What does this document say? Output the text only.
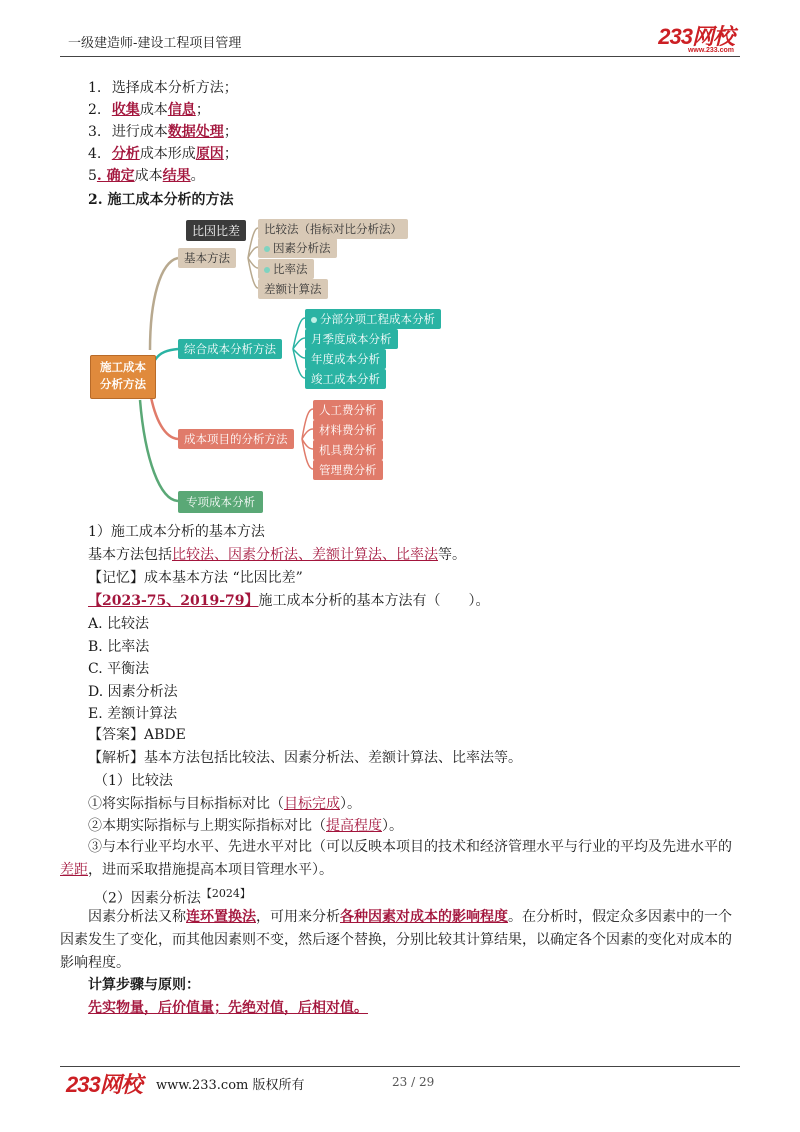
一级建造师-建设工程项目管理	233网校
www.233.com
1. 选择成本分析方法；
2. 收集成本信息；
3. 进行成本数据处理；
4. 分析成本形成原因；
5. 确定成本结果。
2. 施工成本分析的方法
施工成本
分析方法
比因比差
基本方法
比较法（指标对比分析法）
因素分析法
比率法
差额计算法
综合成本分析方法
分部分项工程成本分析
月季度成本分析
年度成本分析
竣工成本分析
成本项目的分析方法
人工费分析
材料费分析
机具费分析
管理费分析
专项成本分析
1）施工成本分析的基本方法
基本方法包括比较法、因素分析法、差额计算法、比率法等。
【记忆】成本基本方法 “比因比差”
【2023-75、2019-79】施工成本分析的基本方法有（　　）。
A. 比较法
B. 比率法
C. 平衡法
D. 因素分析法
E. 差额计算法
【答案】ABDE
【解析】基本方法包括比较法、因素分析法、差额计算法、比率法等。
（1）比较法
①将实际指标与目标指标对比（目标完成）。
②本期实际指标与上期实际指标对比（提高程度）。
③与本行业平均水平、先进水平对比（可以反映本项目的技术和经济管理水平与行业的平均及先进水平的差距，进而采取措施提高本项目管理水平）。
（2）因素分析法$^{【2024】}$
因素分析法又称连环置换法，可用来分析各种因素对成本的影响程度。在分析时，假定众多因素中的一个因素发生了变化，而其他因素则不变，然后逐个替换，分别比较其计算结果，以确定各个因素的变化对成本的影响程度。
计算步骤与原则：
先实物量，后价值量；先绝对值，后相对值。
233网校 www.233.com 版权所有	23 / 29
